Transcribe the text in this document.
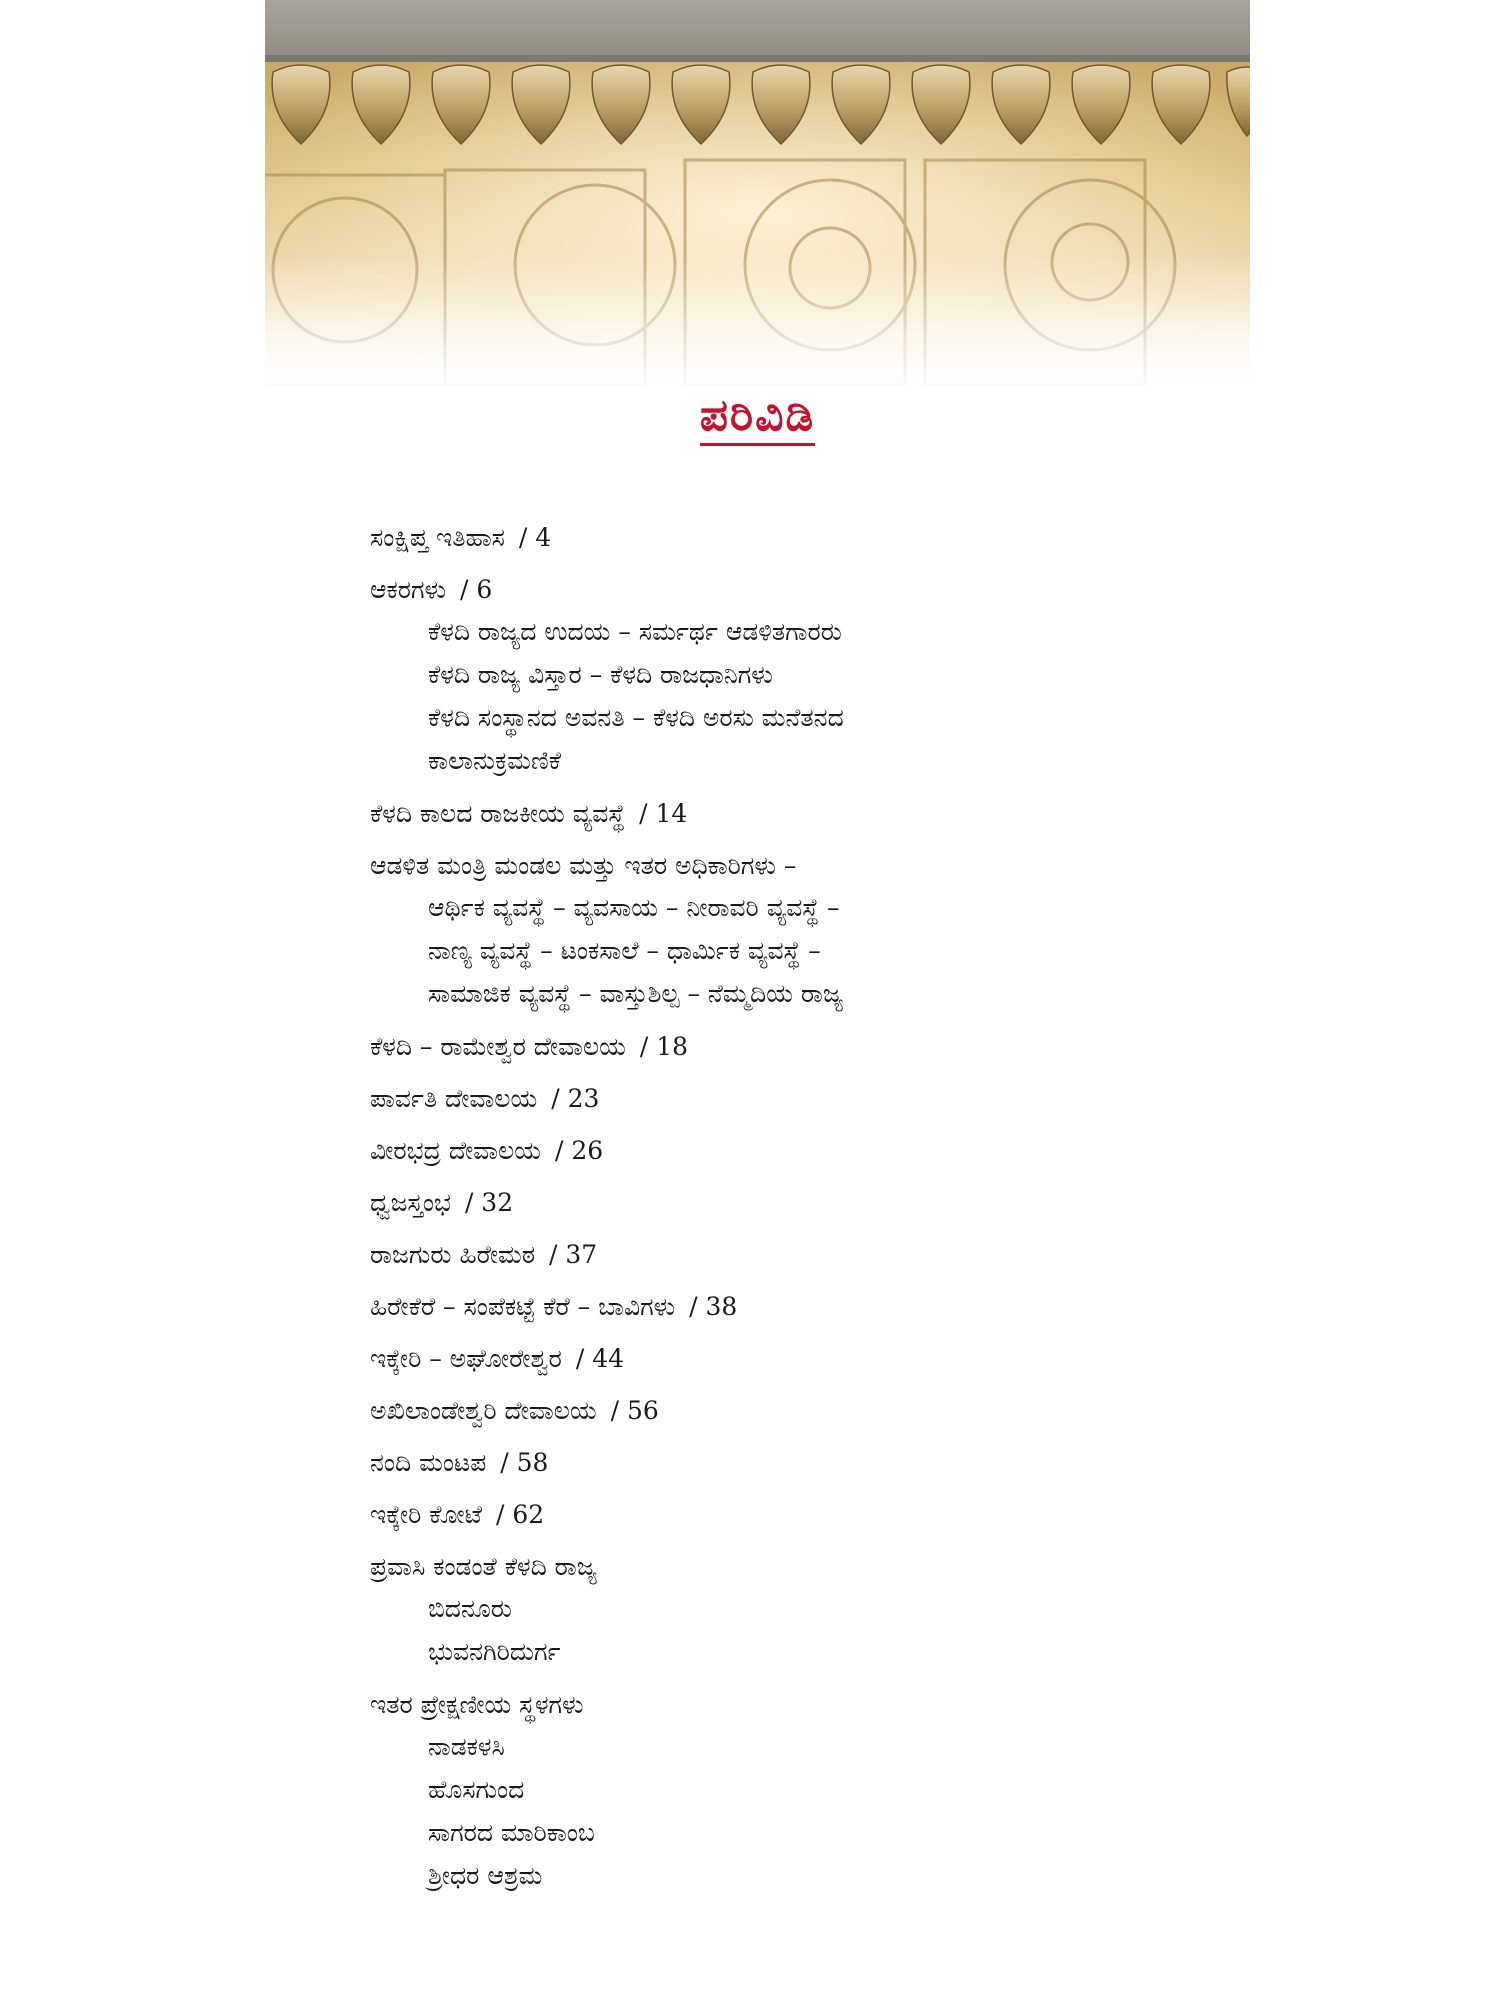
ಪರಿವಿಡಿ
ಸಂಕ್ಷಿಪ್ತ ಇತಿಹಾಸ / 4
ಆಕರಗಳು / 6
ಕೆಳದಿ ರಾಜ್ಯದ ಉದಯ – ಸರ್ಮರ್ಥ ಆಡಳಿತಗಾರರು
ಕೆಳದಿ ರಾಜ್ಯ ವಿಸ್ತಾರ – ಕೆಳದಿ ರಾಜಧಾನಿಗಳು
ಕೆಳದಿ ಸಂಸ್ಥಾನದ ಅವನತಿ – ಕೆಳದಿ ಅರಸು ಮನೆತನದ
ಕಾಲಾನುಕ್ರಮಣಿಕೆ
ಕೆಳದಿ ಕಾಲದ ರಾಜಕೀಯ ವ್ಯವಸ್ಥೆ / 14
ಆಡಳಿತ ಮಂತ್ರಿ ಮಂಡಲ ಮತ್ತು ಇತರ ಅಧಿಕಾರಿಗಳು –
ಆರ್ಥಿಕ ವ್ಯವಸ್ಥೆ – ವ್ಯವಸಾಯ – ನೀರಾವರಿ ವ್ಯವಸ್ಥೆ –
ನಾಣ್ಯ ವ್ಯವಸ್ಥೆ – ಟಂಕಸಾಲೆ – ಧಾರ್ಮಿಕ ವ್ಯವಸ್ಥೆ –
ಸಾಮಾಜಿಕ ವ್ಯವಸ್ಥೆ – ವಾಸ್ತುಶಿಲ್ಪ – ನೆಮ್ಮದಿಯ ರಾಜ್ಯ
ಕೆಳದಿ – ರಾಮೇಶ್ವರ ದೇವಾಲಯ / 18
ಪಾರ್ವತಿ ದೇವಾಲಯ / 23
ವೀರಭದ್ರ ದೇವಾಲಯ / 26
ಧ್ವಜಸ್ತಂಭ / 32
ರಾಜಗುರು ಹಿರೇಮಠ / 37
ಹಿರೇಕೆರೆ – ಸಂಪೆಕಟ್ಟೆ ಕೆರೆ – ಬಾವಿಗಳು / 38
ಇಕ್ಕೇರಿ – ಅಘೋರೇಶ್ವರ / 44
ಅಖಿಲಾಂಡೇಶ್ವರಿ ದೇವಾಲಯ / 56
ನಂದಿ ಮಂಟಪ / 58
ಇಕ್ಕೇರಿ ಕೋಟೆ / 62
ಪ್ರವಾಸಿ ಕಂಡಂತೆ ಕೆಳದಿ ರಾಜ್ಯ
ಬಿದನೂರು
ಭುವನಗಿರಿದುರ್ಗ
ಇತರ ಪ್ರೇಕ್ಷಣೀಯ ಸ್ಥಳಗಳು
ನಾಡಕಳಸಿ
ಹೊಸಗುಂದ
ಸಾಗರದ ಮಾರಿಕಾಂಬ
ಶ್ರೀಧರ ಆಶ್ರಮ
